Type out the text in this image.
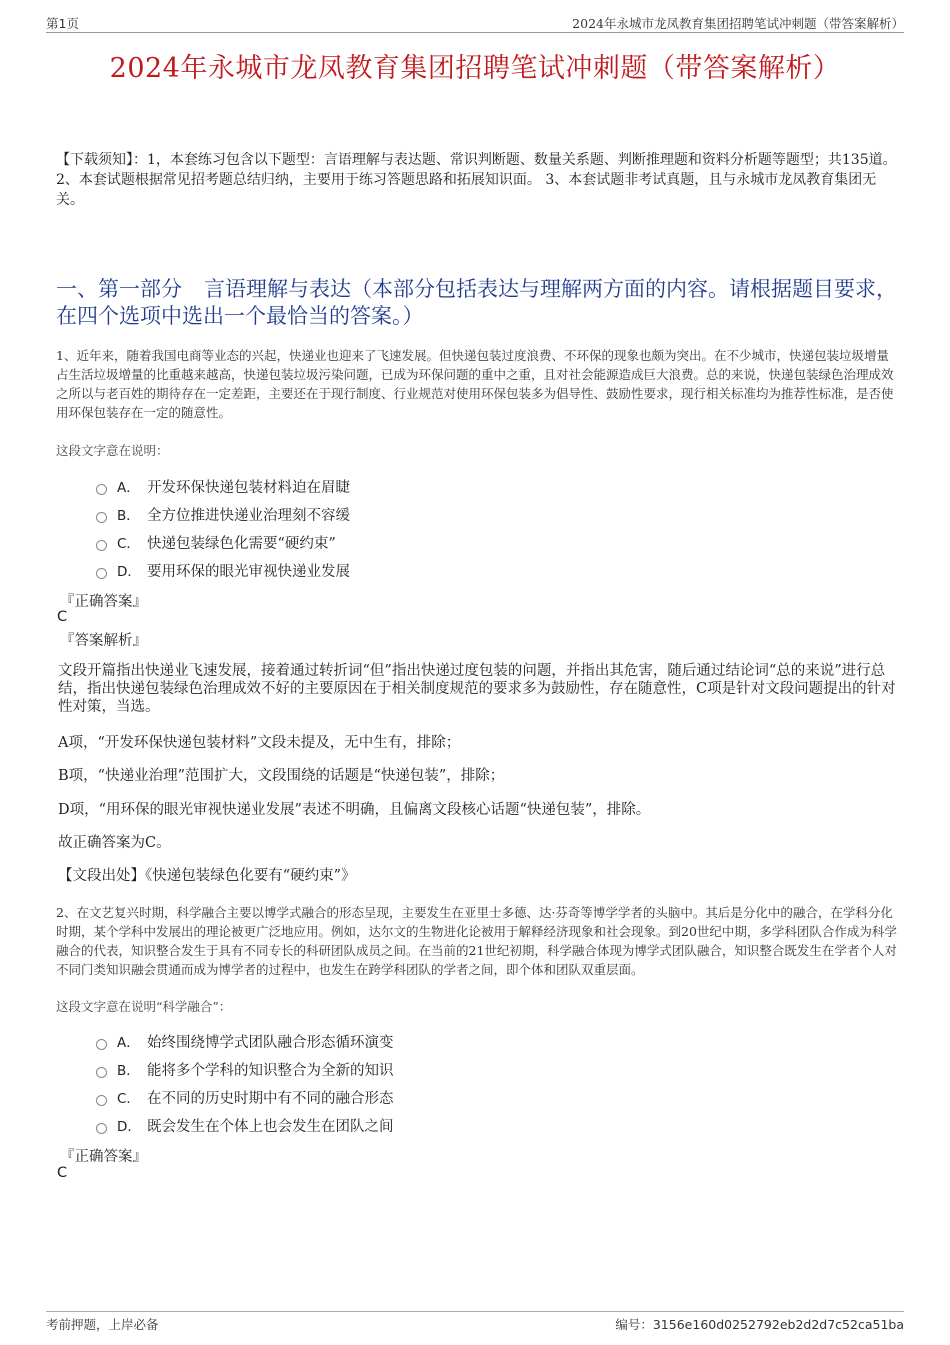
第1页	2024年永城市龙凤教育集团招聘笔试冲刺题（带答案解析）
2024年永城市龙凤教育集团招聘笔试冲刺题（带答案解析）
【下载须知】：1，本套练习包含以下题型：言语理解与表达题、常识判断题、数量关系题、判断推理题和资料分析题等题型；共135道。 2、本套试题根据常见招考题总结归纳，主要用于练习答题思路和拓展知识面。 3、本套试题非考试真题，且与永城市龙凤教育集团无关。
一、第一部分 言语理解与表达（本部分包括表达与理解两方面的内容。请根据题目要求，在四个选项中选出一个最恰当的答案。）
1、近年来，随着我国电商等业态的兴起，快递业也迎来了飞速发展。但快递包装过度浪费、不环保的现象也颇为突出。在不少城市，快递包装垃圾增量占生活垃圾增量的比重越来越高，快递包装垃圾污染问题，已成为环保问题的重中之重，且对社会能源造成巨大浪费。总的来说，快递包装绿色治理成效之所以与老百姓的期待存在一定差距，主要还在于现行制度、行业规范对使用环保包装多为倡导性、鼓励性要求，现行相关标准均为推荐性标准，是否使用环保包装存在一定的随意性。
这段文字意在说明：
A． 开发环保快递包装材料迫在眉睫
B． 全方位推进快递业治理刻不容缓
C． 快递包装绿色化需要“硬约束”
D． 要用环保的眼光审视快递业发展
『正确答案』
C
『答案解析』
文段开篇指出快递业飞速发展，接着通过转折词“但”指出快递过度包装的问题，并指出其危害，随后通过结论词“总的来说”进行总结，指出快递包装绿色治理成效不好的主要原因在于相关制度规范的要求多为鼓励性，存在随意性，C项是针对文段问题提出的针对性对策，当选。
A项，“开发环保快递包装材料”文段未提及，无中生有，排除；
B项，“快递业治理”范围扩大，文段围绕的话题是“快递包装”，排除；
D项，“用环保的眼光审视快递业发展”表述不明确，且偏离文段核心话题“快递包装”，排除。
故正确答案为C。
【文段出处】《快递包装绿色化要有“硬约束”》
2、在文艺复兴时期，科学融合主要以博学式融合的形态呈现，主要发生在亚里士多德、达·芬奇等博学学者的头脑中。其后是分化中的融合，在学科分化时期，某个学科中发展出的理论被更广泛地应用。例如，达尔文的生物进化论被用于解释经济现象和社会现象。到20世纪中期，多学科团队合作成为科学融合的代表，知识整合发生于具有不同专长的科研团队成员之间。在当前的21世纪初期，科学融合体现为博学式团队融合，知识整合既发生在学者个人对不同门类知识融会贯通而成为博学者的过程中，也发生在跨学科团队的学者之间，即个体和团队双重层面。
这段文字意在说明“科学融合”：
A． 始终围绕博学式团队融合形态循环演变
B． 能将多个学科的知识整合为全新的知识
C． 在不同的历史时期中有不同的融合形态
D． 既会发生在个体上也会发生在团队之间
『正确答案』
C
考前押题，上岸必备	编号：3156e160d0252792eb2d2d7c52ca51ba
